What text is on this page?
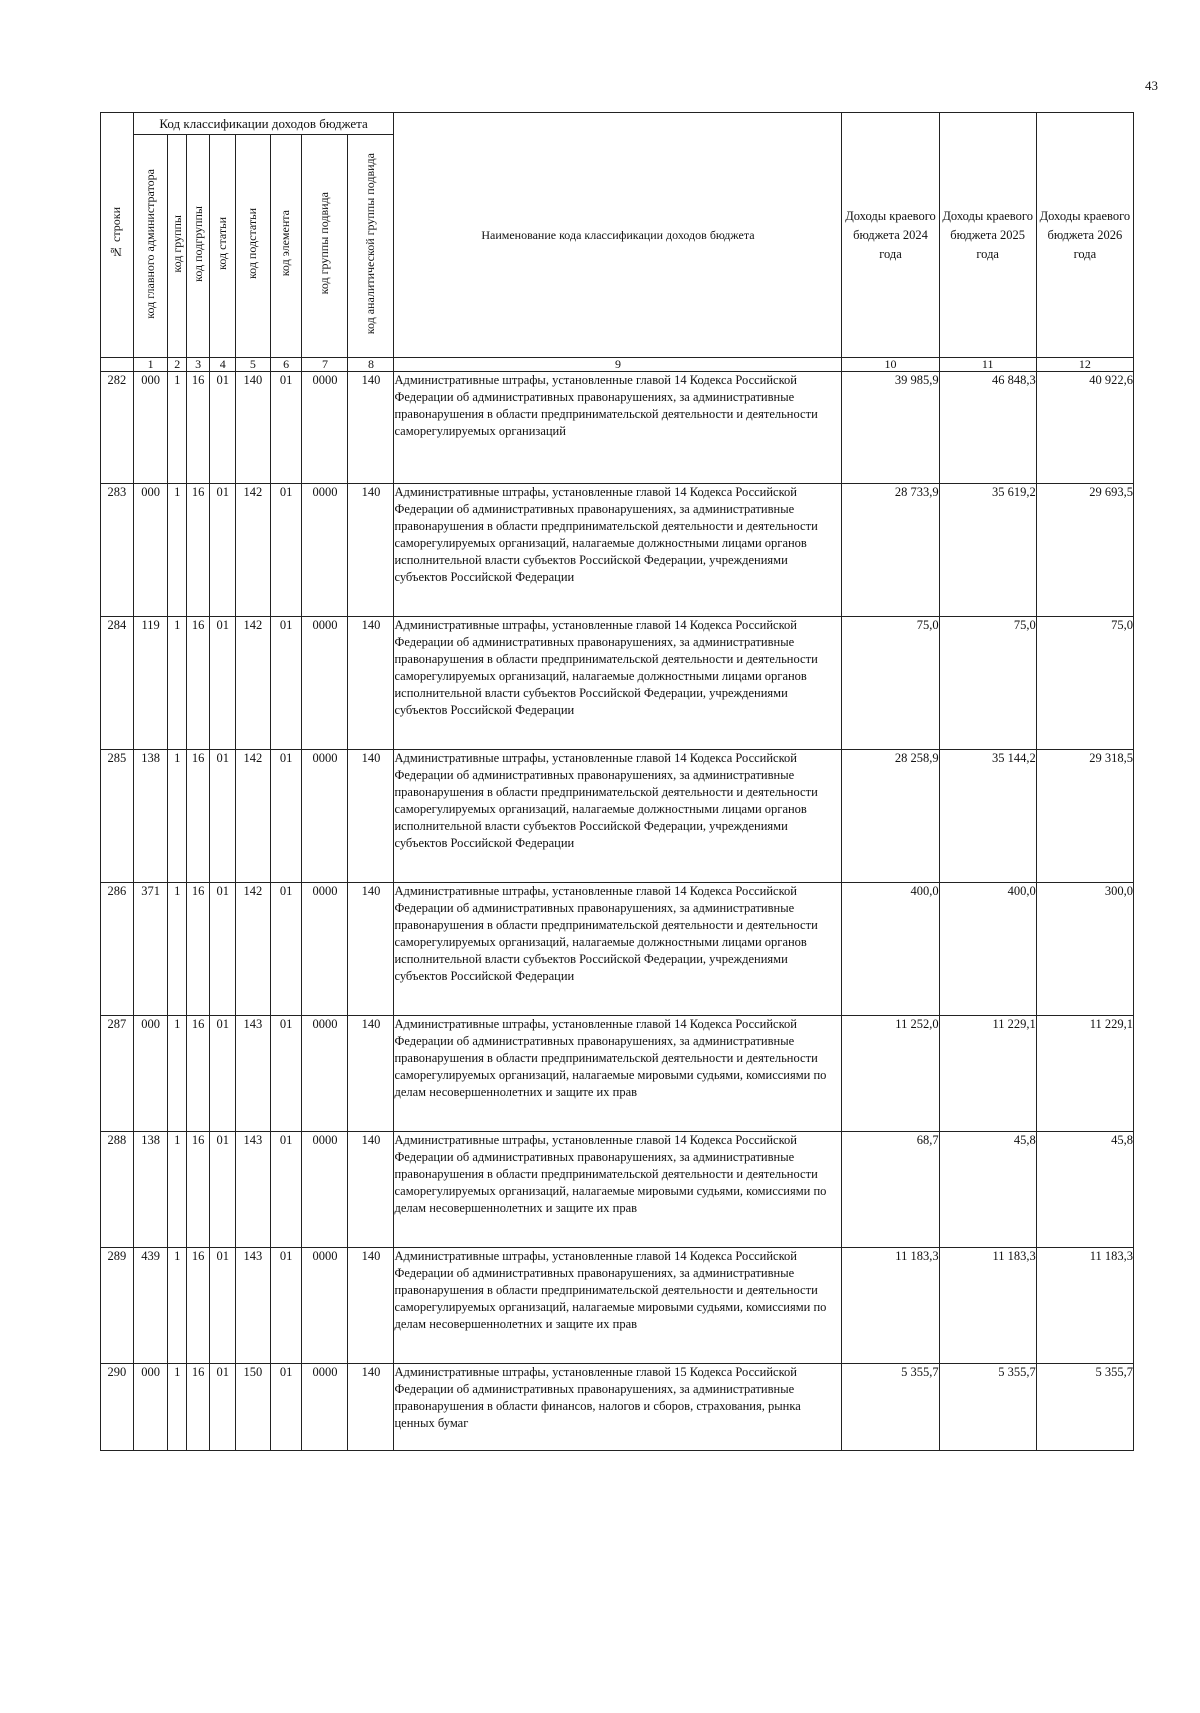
43
№ строки	Код классификации доходов бюджета								Наименование кода классификации доходов бюджета	Доходы краевого бюджета 2024 года	Доходы краевого бюджета 2025 года	Доходы краевого бюджета 2026 года
	код главного администратора	код группы	код подгруппы	код статьи	код подстатьи	код элемента	код группы подвида	код аналитической группы подвида				
	1	2	3	4	5	6	7	8	9	10	11	12
282	000	1	16	01	140	01	0000	140	Административные штрафы, установленные главой 14 Кодекса Российской Федерации об административных правонарушениях, за административные правонарушения в области предпринимательской деятельности и деятельности саморегулируемых организаций	39 985,9	46 848,3	40 922,6
283	000	1	16	01	142	01	0000	140	Административные штрафы, установленные главой 14 Кодекса Российской Федерации об административных правонарушениях, за административные правонарушения в области предпринимательской деятельности и деятельности саморегулируемых организаций, налагаемые должностными лицами органов исполнительной власти субъектов Российской Федерации, учреждениями субъектов Российской Федерации	28 733,9	35 619,2	29 693,5
284	119	1	16	01	142	01	0000	140	Административные штрафы, установленные главой 14 Кодекса Российской Федерации об административных правонарушениях, за административные правонарушения в области предпринимательской деятельности и деятельности саморегулируемых организаций, налагаемые должностными лицами органов исполнительной власти субъектов Российской Федерации, учреждениями субъектов Российской Федерации	75,0	75,0	75,0
285	138	1	16	01	142	01	0000	140	Административные штрафы, установленные главой 14 Кодекса Российской Федерации об административных правонарушениях, за административные правонарушения в области предпринимательской деятельности и деятельности саморегулируемых организаций, налагаемые должностными лицами органов исполнительной власти субъектов Российской Федерации, учреждениями субъектов Российской Федерации	28 258,9	35 144,2	29 318,5
286	371	1	16	01	142	01	0000	140	Административные штрафы, установленные главой 14 Кодекса Российской Федерации об административных правонарушениях, за административные правонарушения в области предпринимательской деятельности и деятельности саморегулируемых организаций, налагаемые должностными лицами органов исполнительной власти субъектов Российской Федерации, учреждениями субъектов Российской Федерации	400,0	400,0	300,0
287	000	1	16	01	143	01	0000	140	Административные штрафы, установленные главой 14 Кодекса Российской Федерации об административных правонарушениях, за административные правонарушения в области предпринимательской деятельности и деятельности саморегулируемых организаций, налагаемые мировыми судьями, комиссиями по делам несовершеннолетних и защите их прав	11 252,0	11 229,1	11 229,1
288	138	1	16	01	143	01	0000	140	Административные штрафы, установленные главой 14 Кодекса Российской Федерации об административных правонарушениях, за административные правонарушения в области предпринимательской деятельности и деятельности саморегулируемых организаций, налагаемые мировыми судьями, комиссиями по делам несовершеннолетних и защите их прав	68,7	45,8	45,8
289	439	1	16	01	143	01	0000	140	Административные штрафы, установленные главой 14 Кодекса Российской Федерации об административных правонарушениях, за административные правонарушения в области предпринимательской деятельности и деятельности саморегулируемых организаций, налагаемые мировыми судьями, комиссиями по делам несовершеннолетних и защите их прав	11 183,3	11 183,3	11 183,3
290	000	1	16	01	150	01	0000	140	Административные штрафы, установленные главой 15 Кодекса Российской Федерации об административных правонарушениях, за административные правонарушения в области финансов, налогов и сборов, страхования, рынка ценных бумаг	5 355,7	5 355,7	5 355,7
